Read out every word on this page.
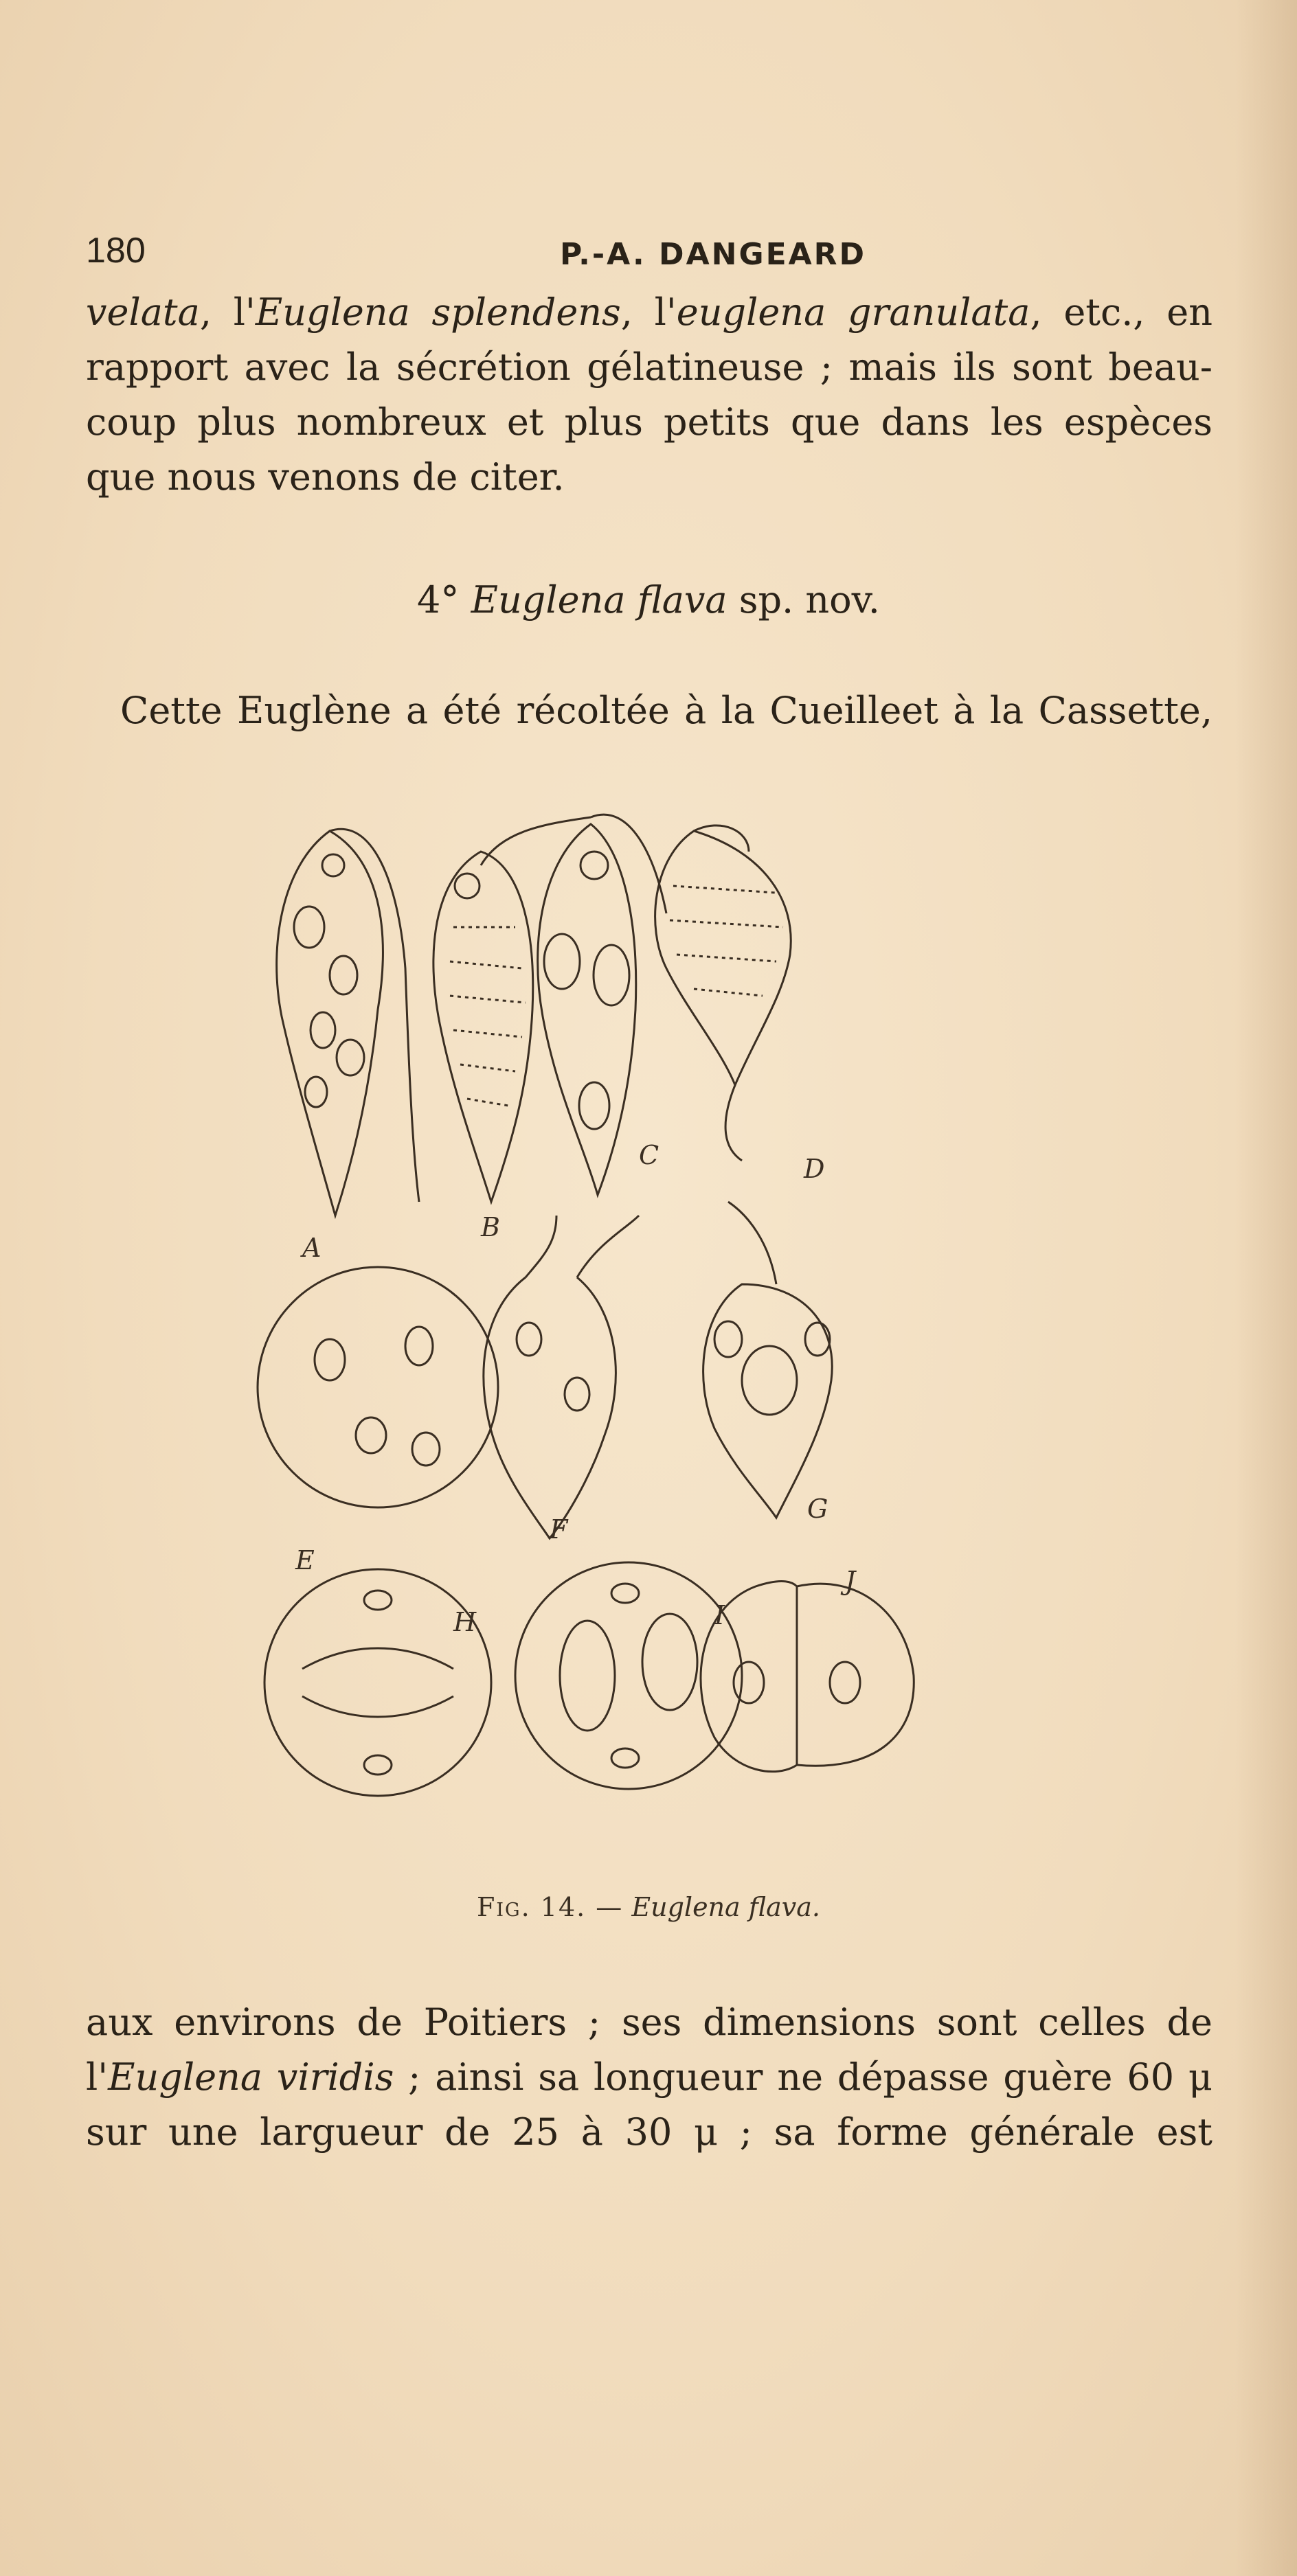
180	P.-A. DANGEARD
velata, l'Euglena splendens, l'euglena granulata, etc., en
rapport avec la sécrétion gélatineuse ; mais ils sont beau-
coup plus nombreux et plus petits que dans les espèces
que nous venons de citer.
4° Euglena flava sp. nov.
Cette Euglène a été récoltée à la Cueilleet à la Cassette,
A
B
C	D
E
F
G
H	I
J
Fig. 14. — Euglena flava.
aux environs de Poitiers ; ses dimensions sont celles de
l'Euglena viridis ; ainsi sa longueur ne dépasse guère 60 μ
sur une largueur de 25 à 30 μ ; sa forme générale est
